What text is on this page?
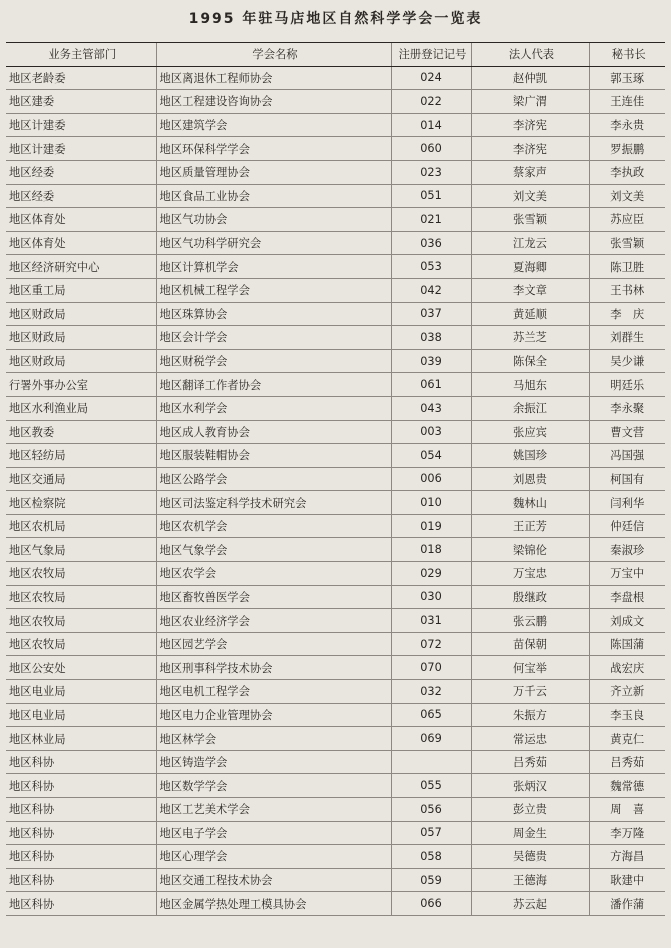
1995 年驻马店地区自然科学学会一览表
业务主管部门	学会名称	注册登记记号	法人代表	秘书长
地区老龄委	地区离退休工程师协会	024	赵仲凯	郭玉琢
地区建委	地区工程建设咨询协会	022	梁广渭	王连佳
地区计建委	地区建筑学会	014	李济宪	李永贵
地区计建委	地区环保科学学会	060	李济宪	罗振鹏
地区经委	地区质量管理协会	023	蔡家声	李执政
地区经委	地区食品工业协会	051	刘文美	刘文美
地区体育处	地区气功协会	021	张雪颖	苏应臣
地区体育处	地区气功科学研究会	036	江龙云	张雪颖
地区经济研究中心	地区计算机学会	053	夏海卿	陈卫胜
地区重工局	地区机械工程学会	042	李文章	王书林
地区财政局	地区珠算协会	037	黄延顺	李　庆
地区财政局	地区会计学会	038	苏兰芝	刘群生
地区财政局	地区财税学会	039	陈保全	吴少谦
行署外事办公室	地区翻译工作者协会	061	马旭东	明廷乐
地区水利渔业局	地区水利学会	043	余振江	李永聚
地区教委	地区成人教育协会	003	张应宾	曹文营
地区轻纺局	地区服装鞋帽协会	054	姚国珍	冯国强
地区交通局	地区公路学会	006	刘恩贵	柯国有
地区检察院	地区司法鉴定科学技术研究会	010	魏林山	闫利华
地区农机局	地区农机学会	019	王正芳	仲廷信
地区气象局	地区气象学会	018	梁锦伦	秦淑珍
地区农牧局	地区农学会	029	万宝忠	万宝中
地区农牧局	地区畜牧兽医学会	030	殷继政	李盘根
地区农牧局	地区农业经济学会	031	张云鹏	刘成文
地区农牧局	地区园艺学会	072	苗保朝	陈国蒲
地区公安处	地区刑事科学技术协会	070	何宝举	战宏庆
地区电业局	地区电机工程学会	032	万千云	齐立新
地区电业局	地区电力企业管理协会	065	朱振方	李玉良
地区林业局	地区林学会	069	常运忠	黄克仁
地区科协	地区铸造学会		吕秀茹	吕秀茹
地区科协	地区数学学会	055	张炳汉	魏常德
地区科协	地区工艺美术学会	056	彭立贵	周　喜
地区科协	地区电子学会	057	周金生	李万隆
地区科协	地区心理学会	058	吴德贵	方海昌
地区科协	地区交通工程技术协会	059	王德海	耿建中
地区科协	地区金属学热处理工模具协会	066	苏云起	潘作蒲
